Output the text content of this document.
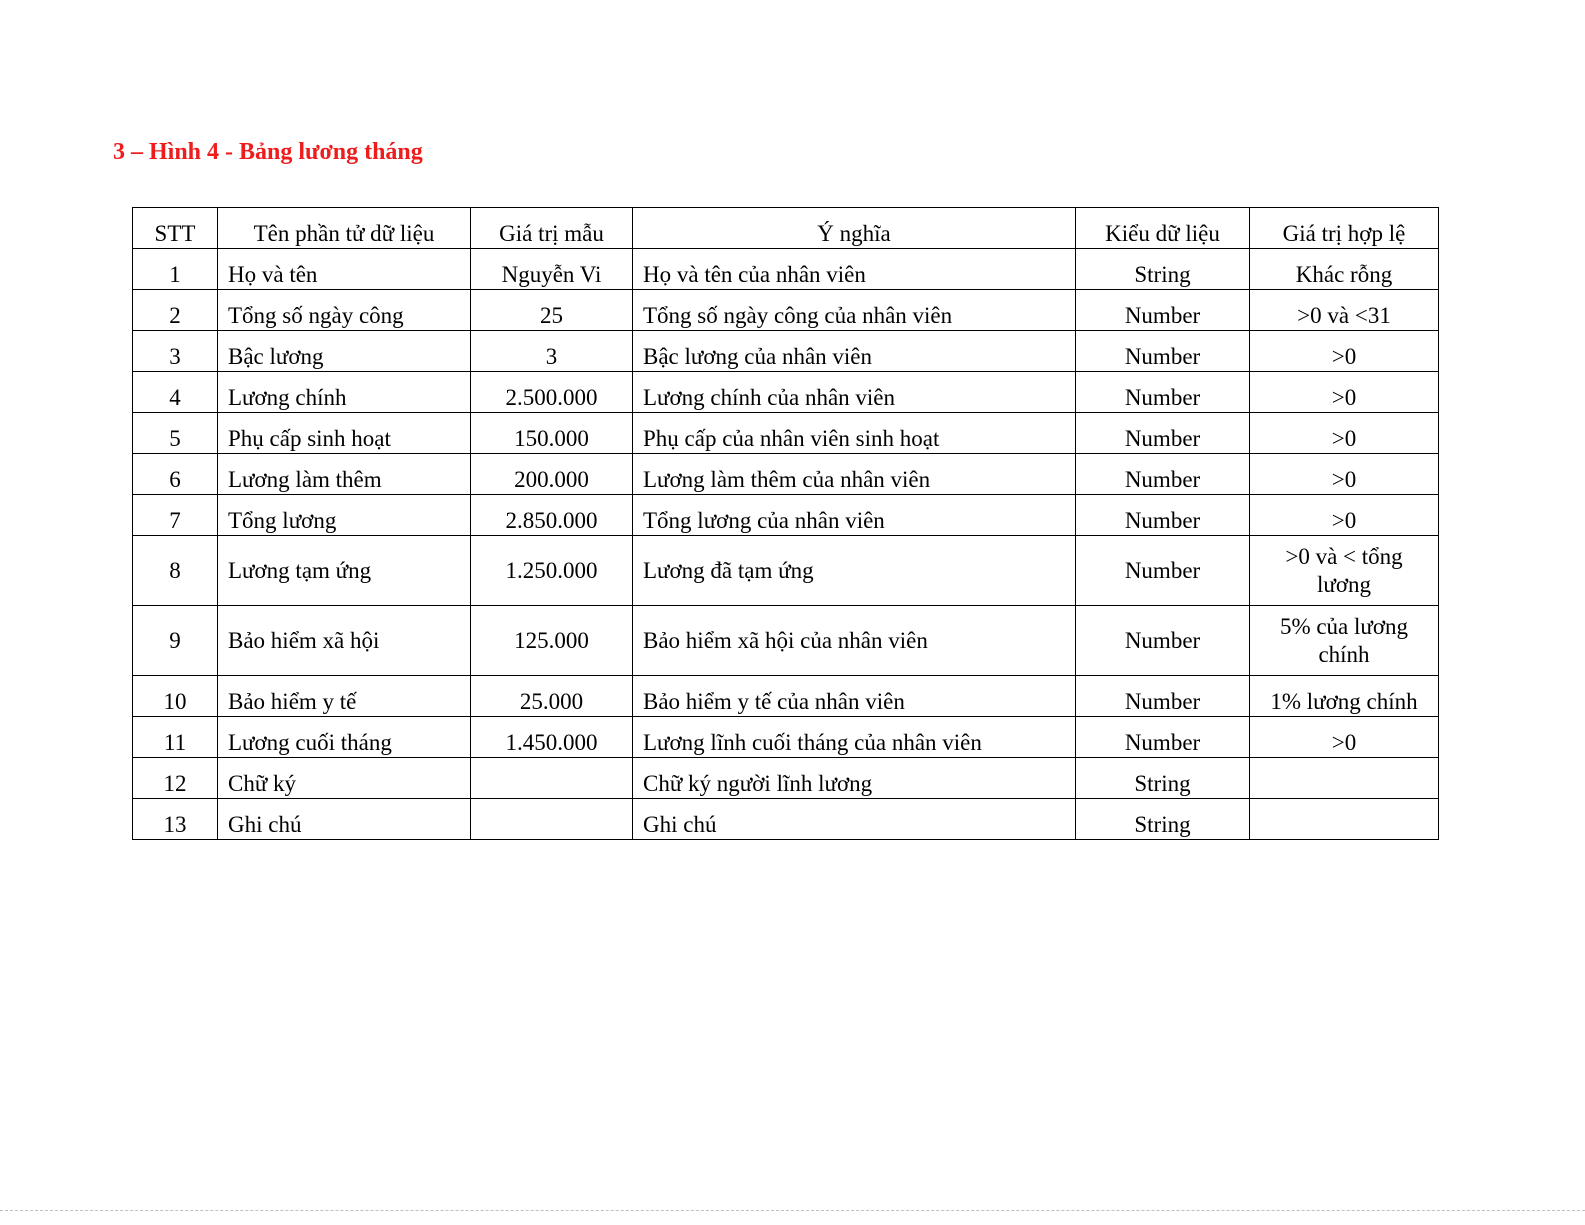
3 – Hình 4 - Bảng lương tháng
STT	Tên phần tử dữ liệu	Giá trị mẫu	Ý nghĩa	Kiểu dữ liệu	Giá trị hợp lệ
1	Họ và tên	Nguyễn Vi	Họ và tên của nhân viên	String	Khác rỗng
2	Tổng số ngày công	25	Tổng số ngày công của nhân viên	Number	>0 và <31
3	Bậc lương	3	Bậc lương của nhân viên	Number	>0
4	Lương chính	2.500.000	Lương chính của nhân viên	Number	>0
5	Phụ cấp sinh hoạt	150.000	Phụ cấp của nhân viên sinh hoạt	Number	>0
6	Lương làm thêm	200.000	Lương làm thêm của nhân viên	Number	>0
7	Tổng lương	2.850.000	Tổng lương của nhân viên	Number	>0
8	Lương tạm ứng	1.250.000	Lương đã tạm ứng	Number	>0 và < tổng lương
9	Bảo hiểm xã hội	125.000	Bảo hiểm xã hội của nhân viên	Number	5% của lương chính
10	Bảo hiểm y tế	25.000	Bảo hiểm y tế của nhân viên	Number	1% lương chính
11	Lương cuối tháng	1.450.000	Lương lĩnh cuối tháng của nhân viên	Number	>0
12	Chữ ký		Chữ ký người lĩnh lương	String	
13	Ghi chú		Ghi chú	String	
